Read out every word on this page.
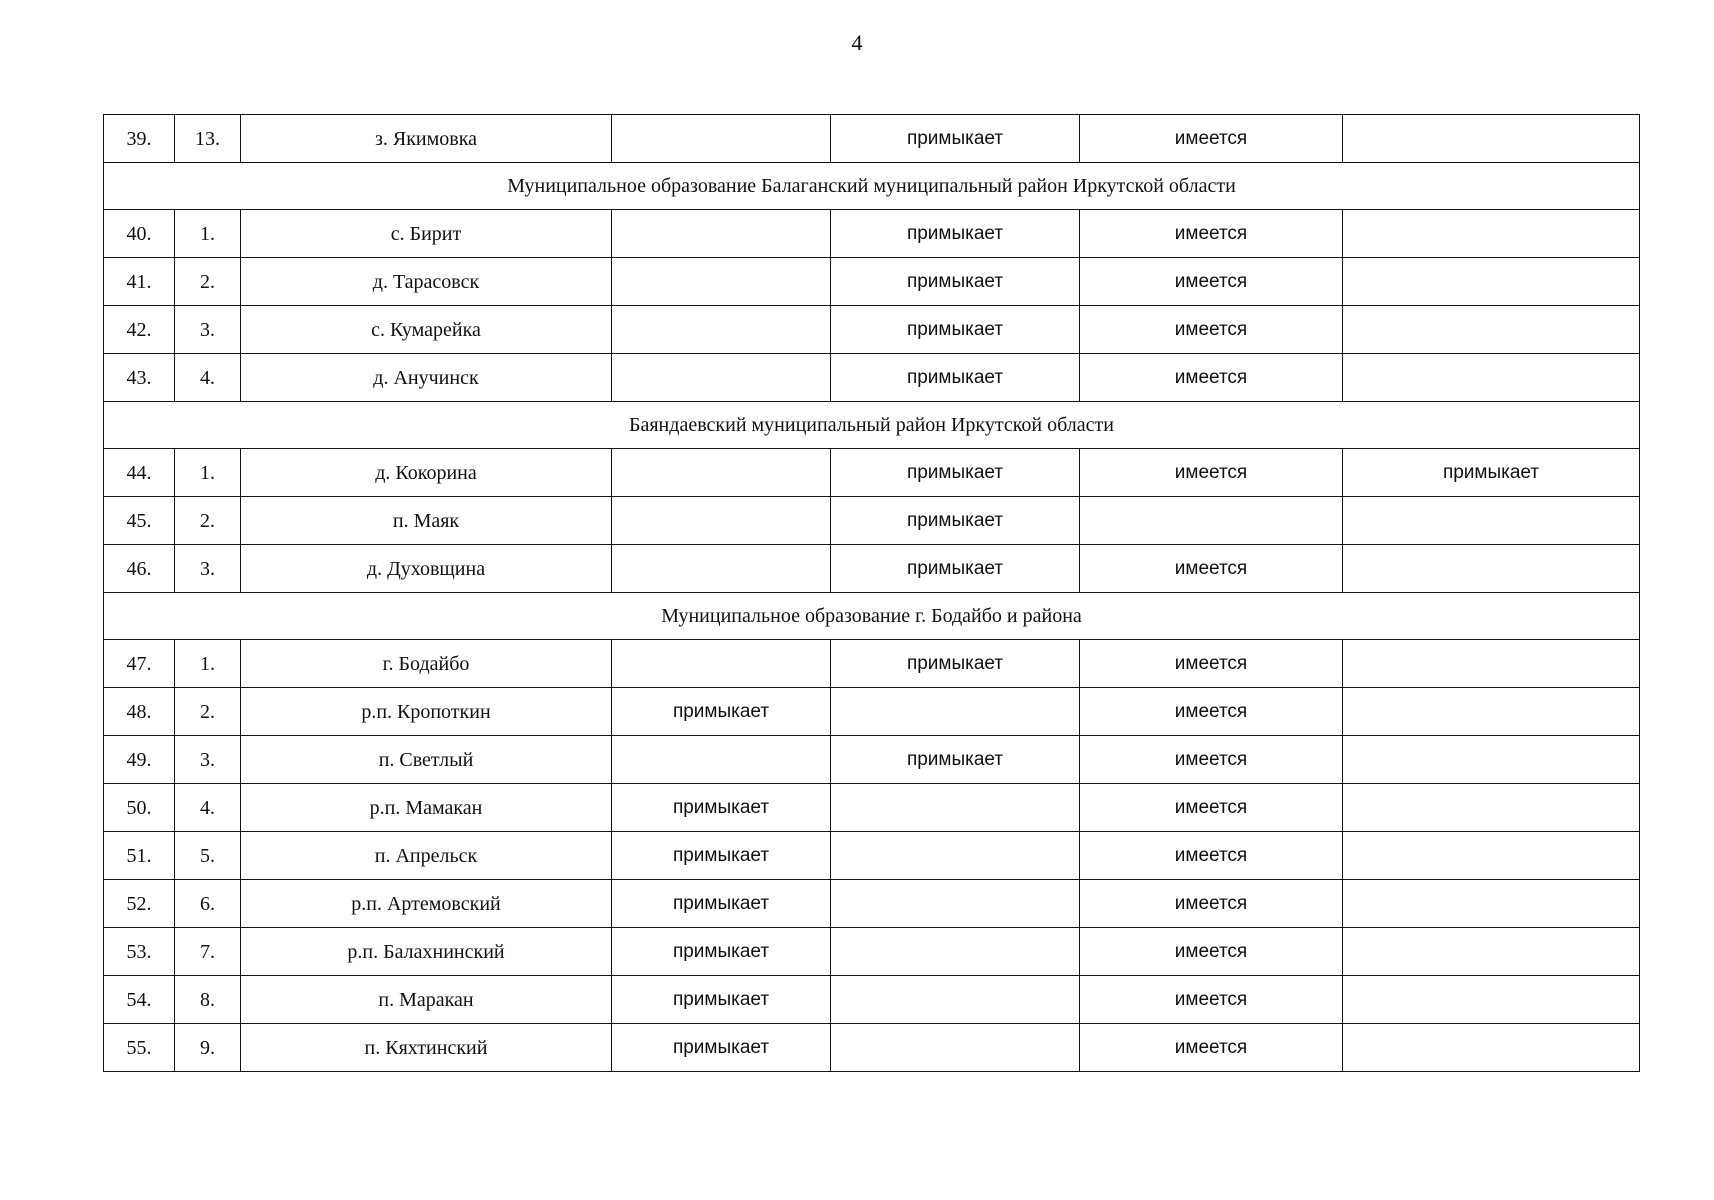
4
39.	13.	з. Якимовка		примыкает	имеется	
Муниципальное образование Балаганский муниципальный район Иркутской области						
40.	1.	с. Бирит		примыкает	имеется	
41.	2.	д. Тарасовск		примыкает	имеется	
42.	3.	с. Кумарейка		примыкает	имеется	
43.	4.	д. Анучинск		примыкает	имеется	
Баяндаевский муниципальный район Иркутской области						
44.	1.	д. Кокорина		примыкает	имеется	примыкает
45.	2.	п. Маяк		примыкает		
46.	3.	д. Духовщина		примыкает	имеется	
Муниципальное образование г. Бодайбо и района						
47.	1.	г. Бодайбо		примыкает	имеется	
48.	2.	р.п. Кропоткин	примыкает		имеется	
49.	3.	п. Светлый		примыкает	имеется	
50.	4.	р.п. Мамакан	примыкает		имеется	
51.	5.	п. Апрельск	примыкает		имеется	
52.	6.	р.п. Артемовский	примыкает		имеется	
53.	7.	р.п. Балахнинский	примыкает		имеется	
54.	8.	п. Маракан	примыкает		имеется	
55.	9.	п. Кяхтинский	примыкает		имеется	
